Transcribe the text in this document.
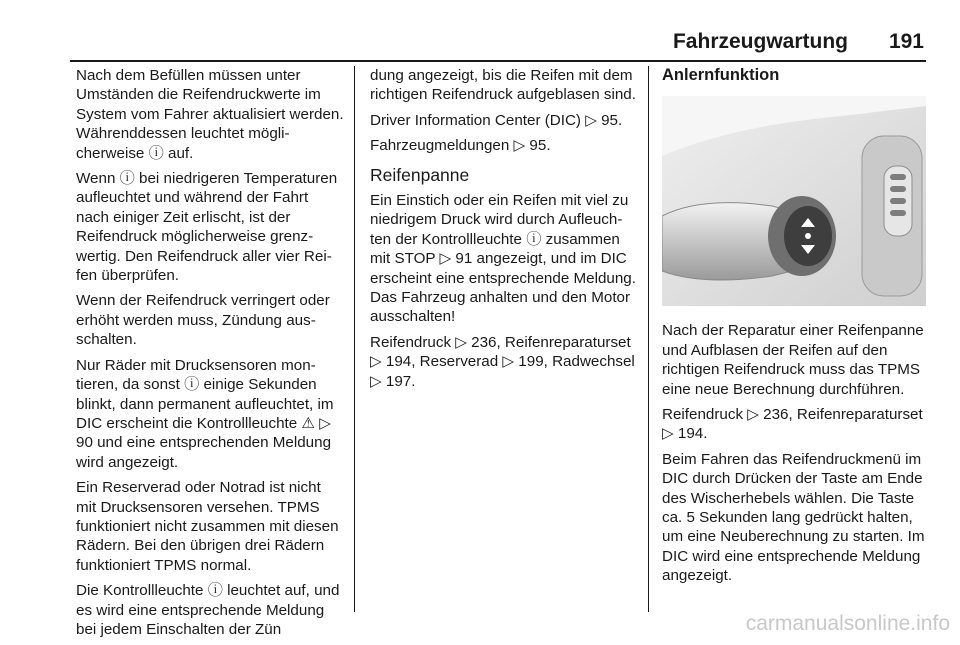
Fahrzeugwartung 191

Nach dem Befüllen müssen unter Umständen die Reifendruckwerte im System vom Fahrer aktualisiert werden. Währenddessen leuchtet möglicherweise ⓘ auf.

Wenn ⓘ bei niedrigeren Temperaturen aufleuchtet und während der Fahrt nach einiger Zeit erlischt, ist der Reifendruck möglicherweise grenzwertig. Den Reifendruck aller vier Reifen überprüfen.

Wenn der Reifendruck verringert oder erhöht werden muss, Zündung ausschalten.

Nur Räder mit Drucksensoren montieren, da sonst ⓘ einige Sekunden blinkt, dann permanent aufleuchtet, im DIC erscheint die Kontrollleuchte ⚠ ▷ 90 und eine entsprechenden Meldung wird angezeigt.

Ein Reserverad oder Notrad ist nicht mit Drucksensoren versehen. TPMS funktioniert nicht zusammen mit diesen Rädern. Bei den übrigen drei Rädern funktioniert TPMS normal.

Die Kontrollleuchte ⓘ leuchtet auf, und es wird eine entsprechende Meldung bei jedem Einschalten der Zün

dung angezeigt, bis die Reifen mit dem richtigen Reifendruck aufgeblasen sind.

Driver Information Center (DIC) ▷ 95.

Fahrzeugmeldungen ▷ 95.

Reifenpanne

Ein Einstich oder ein Reifen mit viel zu niedrigem Druck wird durch Aufleuchten der Kontrollleuchte ⓘ zusammen mit STOP ▷ 91 angezeigt, und im DIC erscheint eine entsprechende Meldung. Das Fahrzeug anhalten und den Motor ausschalten!

Reifendruck ▷ 236, Reifenreparaturset ▷ 194, Reserverad ▷ 199, Radwechsel ▷ 197.

Anlernfunktion

Nach der Reparatur einer Reifenpanne und Aufblasen der Reifen auf den richtigen Reifendruck muss das TPMS eine neue Berechnung durchführen.

Reifendruck ▷ 236, Reifenreparaturset ▷ 194.

Beim Fahren das Reifendruckmenü im DIC durch Drücken der Taste am Ende des Wischerhebels wählen. Die Taste ca. 5 Sekunden lang gedrückt halten, um eine Neuberechnung zu starten. Im DIC wird eine entsprechende Meldung angezeigt.

carmanualsonline.info
